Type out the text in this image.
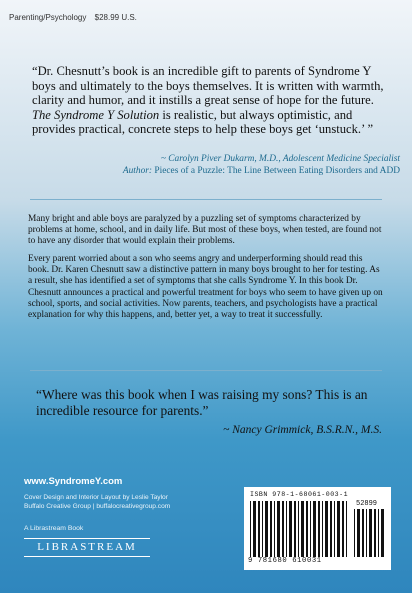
Parenting/Psychology $28.99 U.S.

“Dr. Chesnutt’s book is an incredible gift to parents of Syndrome Y boys and ultimately to the boys themselves. It is written with warmth, clarity and humor, and it instills a great sense of hope for the future. The Syndrome Y Solution is realistic, but always optimistic, and provides practical, concrete steps to help these boys get ‘unstuck.’ ”

~ Carolyn Piver Dukarm, M.D., Adolescent Medicine Specialist
Author: Pieces of a Puzzle: The Line Between Eating Disorders and ADD

Many bright and able boys are paralyzed by a puzzling set of symptoms characterized by problems at home, school, and in daily life. But most of these boys, when tested, are found not to have any disorder that would explain their problems.

Every parent worried about a son who seems angry and underperforming should read this book. Dr. Karen Chesnutt saw a distinctive pattern in many boys brought to her for testing. As a result, she has identified a set of symptoms that she calls Syndrome Y. In this book Dr. Chesnutt announces a practical and powerful treatment for boys who seem to have given up on school, sports, and social activities. Now parents, teachers, and psychologists have a practical explanation for why this happens, and, better yet, a way to treat it successfully.

“Where was this book when I was raising my sons? This is an incredible resource for parents.”
~ Nancy Grimmick, B.S.R.N., M.S.
www.SyndromeY.com
Cover Design and Interior Layout by Leslie Taylor
Buffalo Creative Group | buffalocreativegroup.com
A Librastream Book
LIBRASTREAM
ISBN 978-1-68061-003-1
52899
9 781680 610031
